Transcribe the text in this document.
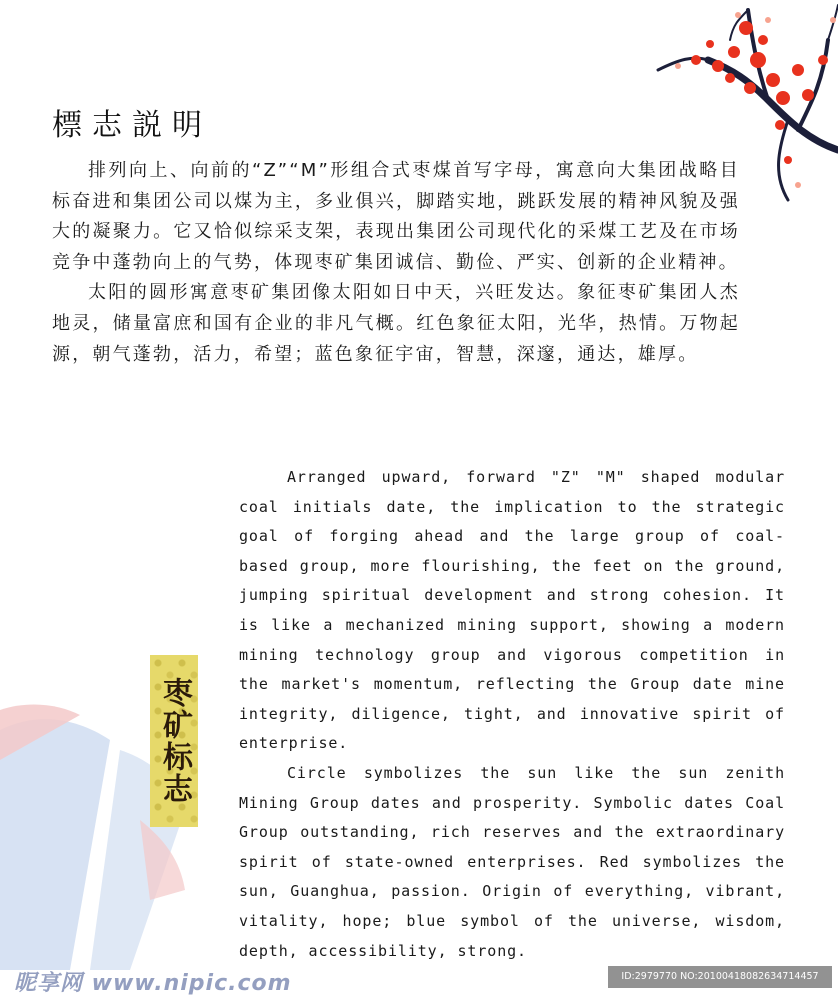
標志説明

排列向上、向前的“Z”“M”形组合式枣煤首写字母，寓意向大集团战略目标奋进和集团公司以煤为主，多业俱兴，脚踏实地，跳跃发展的精神风貌及强大的凝聚力。它又恰似综采支架，表现出集团公司现代化的采煤工艺及在市场竞争中蓬勃向上的气势，体现枣矿集团诚信、勤俭、严实、创新的企业精神。

太阳的圆形寓意枣矿集团像太阳如日中天，兴旺发达。象征枣矿集团人杰地灵，储量富庶和国有企业的非凡气概。红色象征太阳，光华，热情。万物起源，朝气蓬勃，活力，希望；蓝色象征宇宙，智慧，深邃，通达，雄厚。

Arranged upward, forward "Z" "M" shaped modular coal initials date, the implication to the strategic goal of forging ahead and the large group of coal-based group, more flourishing, the feet on the ground, jumping spiritual development and strong cohesion. It is like a mechanized mining support, showing a modern mining technology group and vigorous competition in the market's momentum, reflecting the Group date mine integrity, diligence, tight, and innovative spirit of enterprise.

Circle symbolizes the sun like the sun zenith Mining Group dates and prosperity. Symbolic dates Coal Group outstanding, rich reserves and the extraordinary spirit of state-owned enterprises. Red symbolizes the sun, Guanghua, passion. Origin of everything, vibrant, vitality, hope; blue symbol of the universe, wisdom, depth, accessibility, strong.

枣矿标志
昵享网 www.nipic.com	ID:2979770 NO:20100418082634714457
